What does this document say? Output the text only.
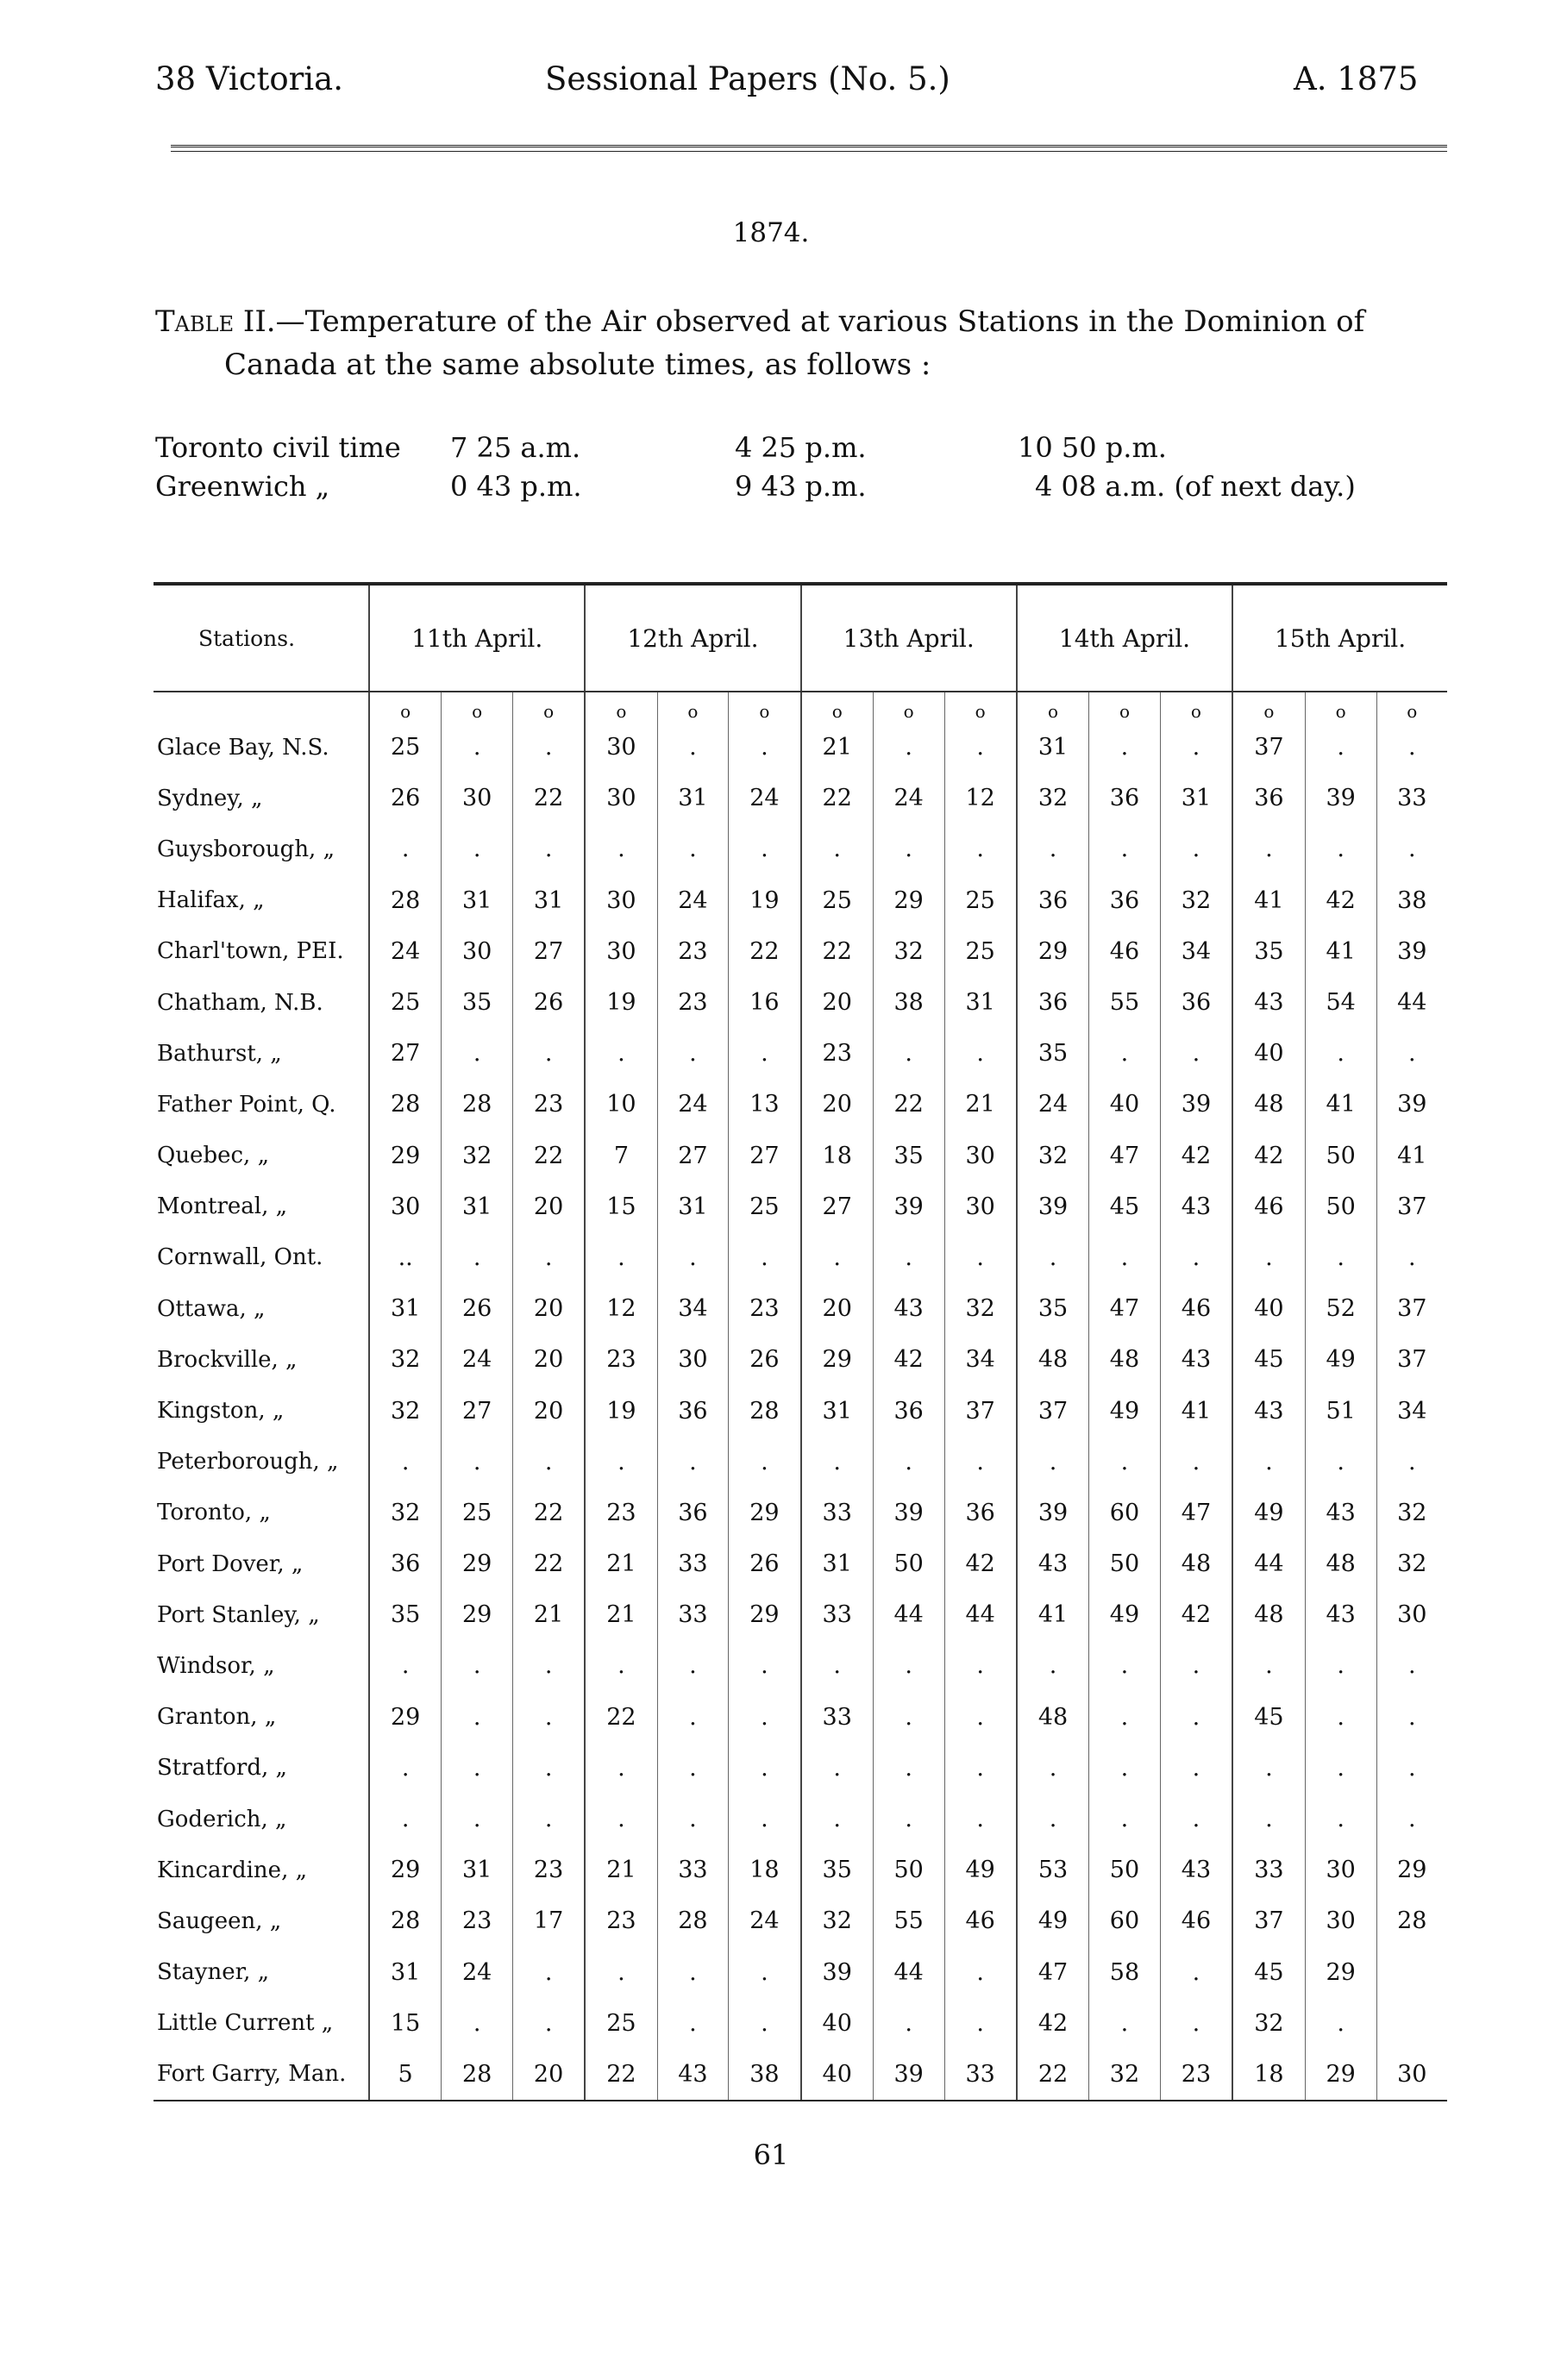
38 Victoria.	Sessional Papers (No. 5.)	A. 1875
1874.
Table II.—Temperature of the Air observed at various Stations in the Dominion of
Canada at the same absolute times, as follows :
Toronto civil time 7 25 a.m.	4 25 p.m.	10 50 p.m.
Greenwich „	0 43 p.m.	9 43 p.m.	4 08 a.m. (of next day.)
Stations.	11th April.			12th April.			13th April.			14th April.			15th April.		
	o	o	o	o	o	o	o	o	o	o	o	o	o	o	o
Glace Bay, N.S.	25	.	.	30	.	.	21	.	.	31	.	.	37	.	.
Sydney, „	26	30	22	30	31	24	22	24	12	32	36	31	36	39	33
Guysborough, „	.	.	.	.	.	.	.	.	.	.	.	.	.	.	.
Halifax, „	28	31	31	30	24	19	25	29	25	36	36	32	41	42	38
Charl'town, PEI.	24	30	27	30	23	22	22	32	25	29	46	34	35	41	39
Chatham, N.B.	25	35	26	19	23	16	20	38	31	36	55	36	43	54	44
Bathurst, „	27	.	.	.	.	.	23	.	.	35	.	.	40	.	.
Father Point, Q.	28	28	23	10	24	13	20	22	21	24	40	39	48	41	39
Quebec, „	29	32	22	7	27	27	18	35	30	32	47	42	42	50	41
Montreal, „	30	31	20	15	31	25	27	39	30	39	45	43	46	50	37
Cornwall, Ont.	..	.	.	.	.	.	.	.	.	.	.	.	.	.	.
Ottawa, „	31	26	20	12	34	23	20	43	32	35	47	46	40	52	37
Brockville, „	32	24	20	23	30	26	29	42	34	48	48	43	45	49	37
Kingston, „	32	27	20	19	36	28	31	36	37	37	49	41	43	51	34
Peterborough, „	.	.	.	.	.	.	.	.	.	.	.	.	.	.	.
Toronto, „	32	25	22	23	36	29	33	39	36	39	60	47	49	43	32
Port Dover, „	36	29	22	21	33	26	31	50	42	43	50	48	44	48	32
Port Stanley, „	35	29	21	21	33	29	33	44	44	41	49	42	48	43	30
Windsor, „	.	.	.	.	.	.	.	.	.	.	.	.	.	.	.
Granton, „	29	.	.	22	.	.	33	.	.	48	.	.	45	.	.
Stratford, „	.	.	.	.	.	.	.	.	.	.	.	.	.	.	.
Goderich, „	.	.	.	.	.	.	.	.	.	.	.	.	.	.	.
Kincardine, „	29	31	23	21	33	18	35	50	49	53	50	43	33	30	29
Saugeen, „	28	23	17	23	28	24	32	55	46	49	60	46	37	30	28
Stayner, „	31	24	.	.	.	.	39	44	.	47	58	.	45	29	
Little Current „	15	.	.	25	.	.	40	.	.	42	.	.	32	.	
Fort Garry, Man.	5	28	20	22	43	38	40	39	33	22	32	23	18	29	30
61
